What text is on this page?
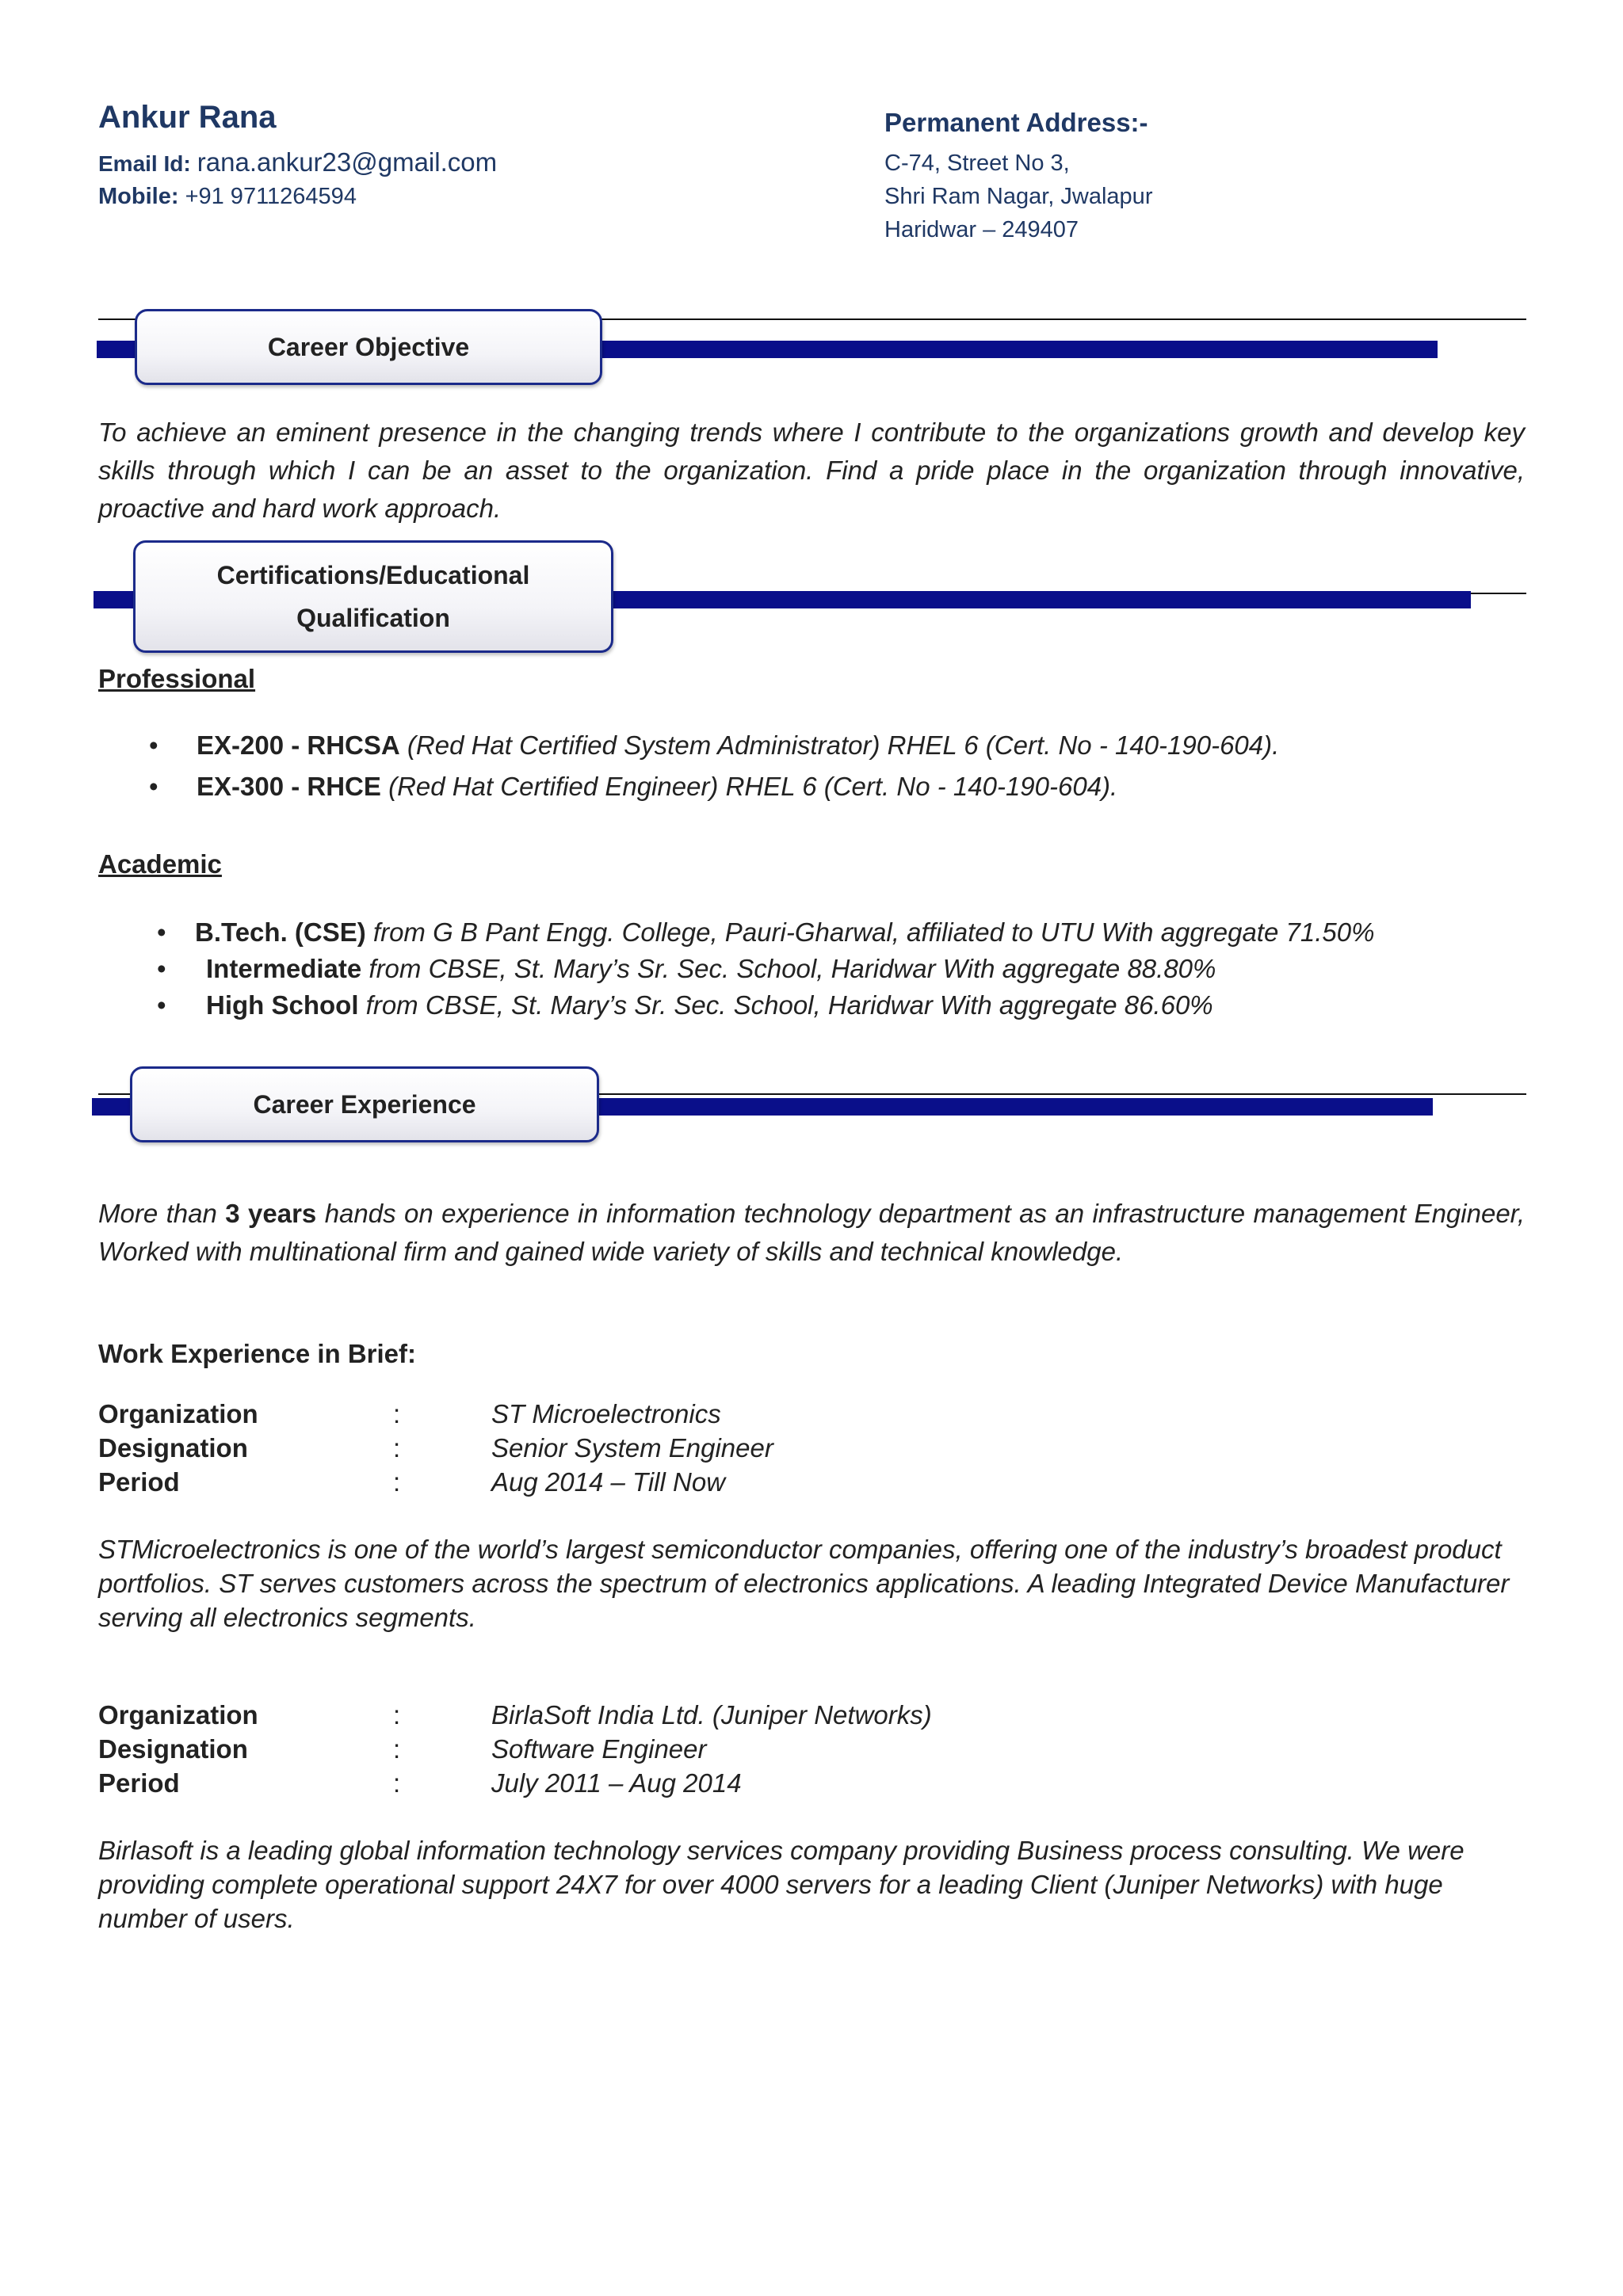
Ankur Rana
Email Id: rana.ankur23@gmail.com
Mobile: +91 9711264594
Permanent Address:-
C-74, Street No 3,
Shri Ram Nagar, Jwalapur
Haridwar – 249407
Career Objective
To achieve an eminent presence in the changing trends where I contribute to the organizations growth and develop key skills through which I can be an asset to the organization. Find a pride place in the organization through innovative, proactive and hard work approach.
Certifications/Educational
Qualification
Professional
• EX-200 - RHCSA (Red Hat Certified System Administrator) RHEL 6 (Cert. No - 140-190-604).
• EX-300 - RHCE (Red Hat Certified Engineer) RHEL 6 (Cert. No - 140-190-604).
Academic
• B.Tech. (CSE) from G B Pant Engg. College, Pauri-Gharwal, affiliated to UTU With aggregate 71.50%
• Intermediate from CBSE, St. Mary’s Sr. Sec. School, Haridwar With aggregate 88.80%
• High School from CBSE, St. Mary’s Sr. Sec. School, Haridwar With aggregate 86.60%
Career Experience
More than 3 years hands on experience in information technology department as an infrastructure management Engineer, Worked with multinational firm and gained wide variety of skills and technical knowledge.
Work Experience in Brief:
Organization	:	ST Microelectronics
Designation	:	Senior System Engineer
Period	:	Aug 2014 – Till Now
STMicroelectronics is one of the world’s largest semiconductor companies, offering one of the industry’s broadest product portfolios. ST serves customers across the spectrum of electronics applications. A leading Integrated Device Manufacturer serving all electronics segments.
Organization	:	BirlaSoft India Ltd. (Juniper Networks)
Designation	:	Software Engineer
Period	:	July 2011 – Aug 2014
Birlasoft is a leading global information technology services company providing Business process consulting. We were providing complete operational support 24X7 for over 4000 servers for a leading Client (Juniper Networks) with huge number of users.
